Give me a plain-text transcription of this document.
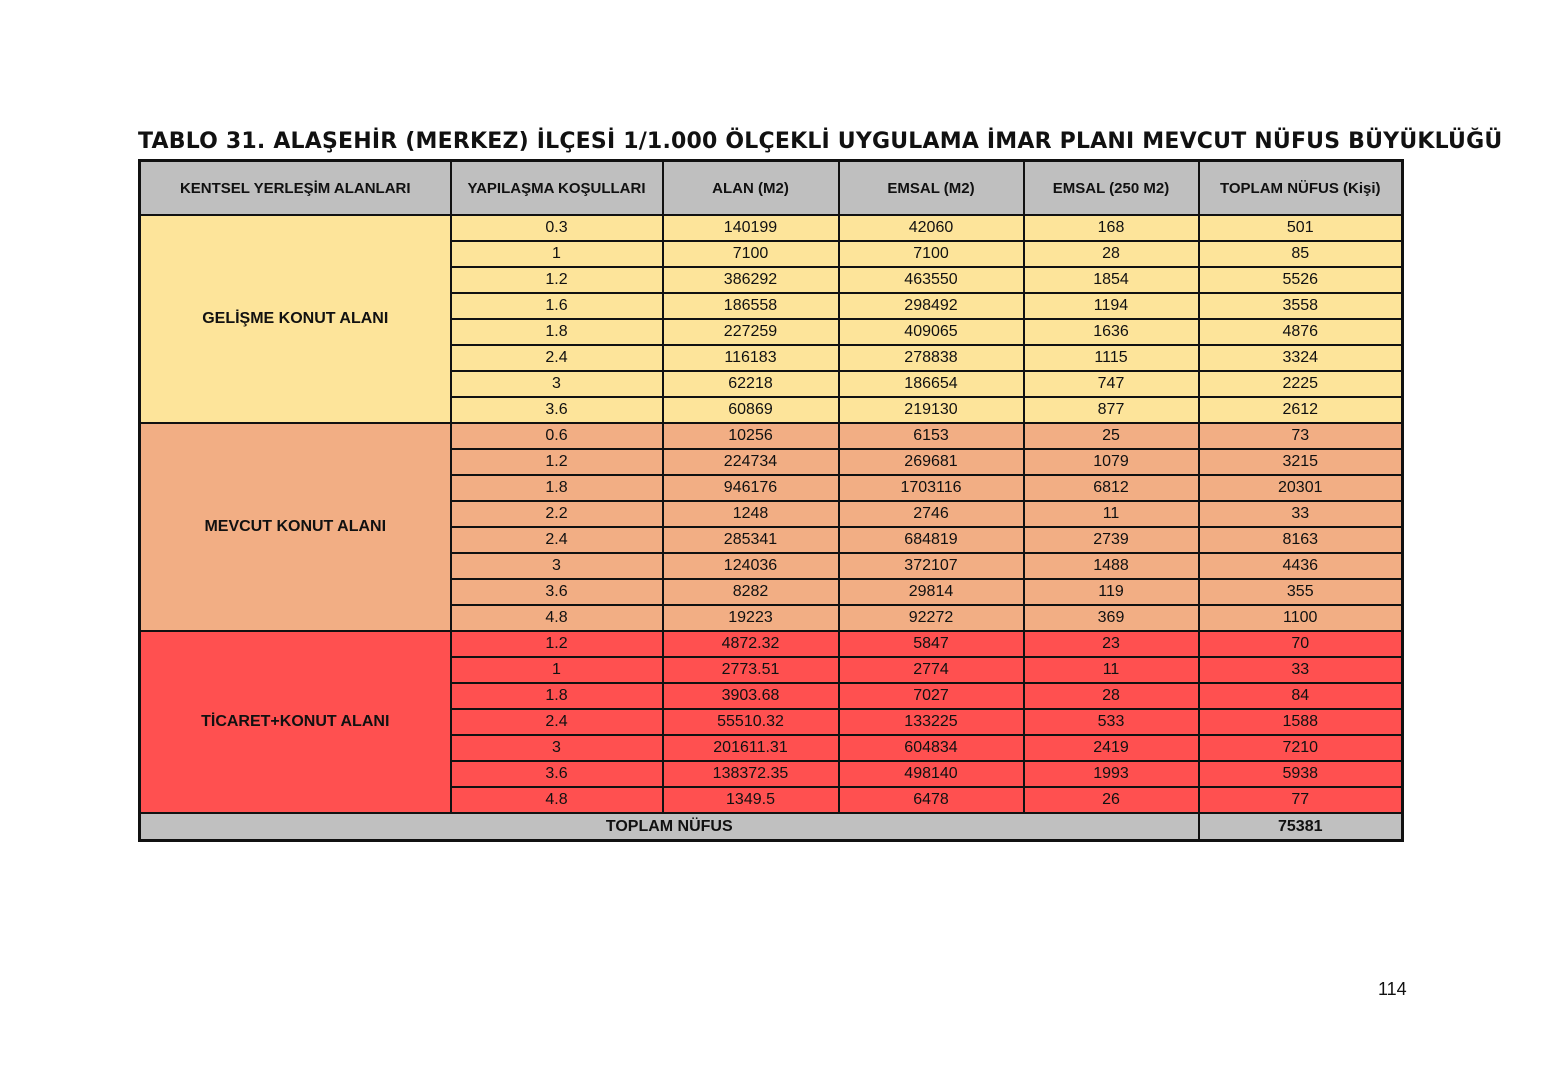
TABLO 31. ALAŞEHİR (MERKEZ) İLÇESİ 1/1.000 ÖLÇEKLİ UYGULAMA İMAR PLANI MEVCUT NÜFUS BÜYÜKLÜĞÜ
KENTSEL YERLEŞİM ALANLARI	YAPILAŞMA KOŞULLARI	ALAN (M2)	EMSAL (M2)	EMSAL (250 M2)	TOPLAM NÜFUS (Kişi)
GELİŞME KONUT ALANI	0.3	140199	42060	168	501
	1	7100	7100	28	85
	1.2	386292	463550	1854	5526
	1.6	186558	298492	1194	3558
	1.8	227259	409065	1636	4876
	2.4	116183	278838	1115	3324
	3	62218	186654	747	2225
	3.6	60869	219130	877	2612
MEVCUT KONUT ALANI	0.6	10256	6153	25	73
	1.2	224734	269681	1079	3215
	1.8	946176	1703116	6812	20301
	2.2	1248	2746	11	33
	2.4	285341	684819	2739	8163
	3	124036	372107	1488	4436
	3.6	8282	29814	119	355
	4.8	19223	92272	369	1100
TİCARET+KONUT ALANI	1.2	4872.32	5847	23	70
	1	2773.51	2774	11	33
	1.8	3903.68	7027	28	84
	2.4	55510.32	133225	533	1588
	3	201611.31	604834	2419	7210
	3.6	138372.35	498140	1993	5938
	4.8	1349.5	6478	26	77
TOPLAM NÜFUS					75381
114
